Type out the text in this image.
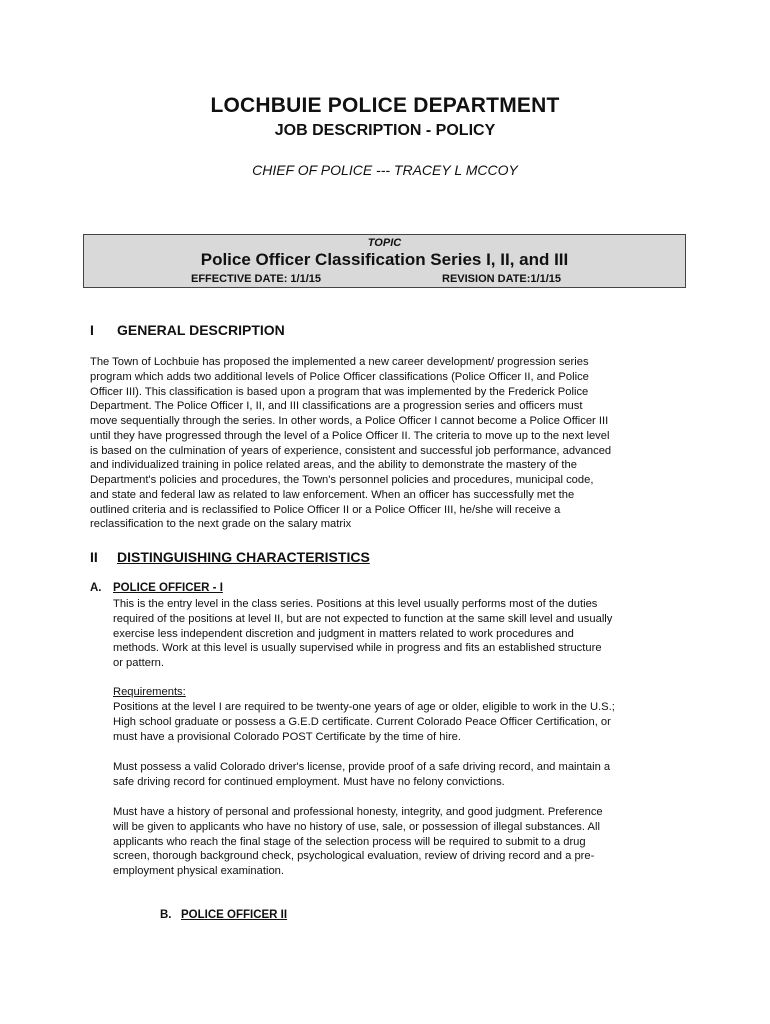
LOCHBUIE POLICE DEPARTMENT
JOB DESCRIPTION - POLICY
CHIEF OF POLICE --- TRACEY L MCCOY
TOPIC
Police Officer Classification Series I, II, and III
EFFECTIVE DATE: 1/1/15	REVISION DATE:1/1/15
I GENERAL DESCRIPTION
The Town of Lochbuie has proposed the implemented a new career development/ progression series
program which adds two additional levels of Police Officer classifications (Police Officer II, and Police
Officer III). This classification is based upon a program that was implemented by the Frederick Police
Department. The Police Officer I, II, and III classifications are a progression series and officers must
move sequentially through the series. In other words, a Police Officer I cannot become a Police Officer III
until they have progressed through the level of a Police Officer II. The criteria to move up to the next level
is based on the culmination of years of experience, consistent and successful job performance, advanced
and individualized training in police related areas, and the ability to demonstrate the mastery of the
Department's policies and procedures, the Town's personnel policies and procedures, municipal code,
and state and federal law as related to law enforcement. When an officer has successfully met the
outlined criteria and is reclassified to Police Officer II or a Police Officer III, he/she will receive a
reclassification to the next grade on the salary matrix
II DISTINGUISHING CHARACTERISTICS
A. POLICE OFFICER - I
This is the entry level in the class series. Positions at this level usually performs most of the duties
required of the positions at level II, but are not expected to function at the same skill level and usually
exercise less independent discretion and judgment in matters related to work procedures and
methods. Work at this level is usually supervised while in progress and fits an established structure
or pattern.
Requirements:
Positions at the level I are required to be twenty-one years of age or older, eligible to work in the U.S.;
High school graduate or possess a G.E.D certificate. Current Colorado Peace Officer Certification, or
must have a provisional Colorado POST Certificate by the time of hire.
Must possess a valid Colorado driver's license, provide proof of a safe driving record, and maintain a
safe driving record for continued employment. Must have no felony convictions.
Must have a history of personal and professional honesty, integrity, and good judgment. Preference
will be given to applicants who have no history of use, sale, or possession of illegal substances. All
applicants who reach the final stage of the selection process will be required to submit to a drug
screen, thorough background check, psychological evaluation, review of driving record and a pre-
employment physical examination.
B. POLICE OFFICER II
